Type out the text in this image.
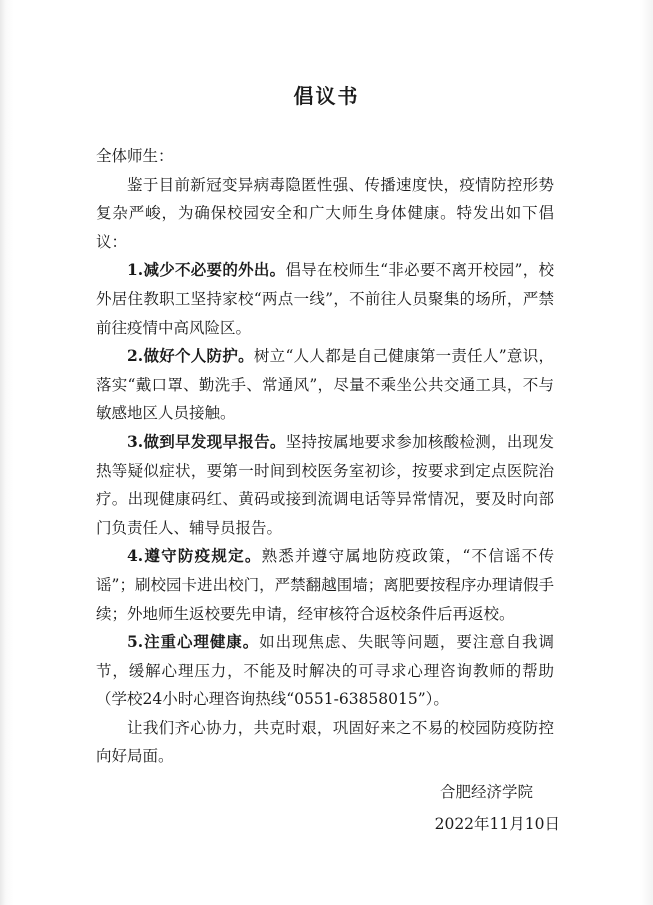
倡议书

全体师生：

鉴于目前新冠变异病毒隐匿性强、传播速度快，疫情防控形势复杂严峻，为确保校园安全和广大师生身体健康。特发出如下倡议：

1.减少不必要的外出。倡导在校师生“非必要不离开校园”，校外居住教职工坚持家校“两点一线”，不前往人员聚集的场所，严禁前往疫情中高风险区。

2.做好个人防护。树立“人人都是自己健康第一责任人”意识，落实“戴口罩、勤洗手、常通风”，尽量不乘坐公共交通工具，不与敏感地区人员接触。

3.做到早发现早报告。坚持按属地要求参加核酸检测，出现发热等疑似症状，要第一时间到校医务室初诊，按要求到定点医院治疗。出现健康码红、黄码或接到流调电话等异常情况，要及时向部门负责任人、辅导员报告。

4.遵守防疫规定。熟悉并遵守属地防疫政策，“不信谣不传谣”；刷校园卡进出校门，严禁翻越围墙；离肥要按程序办理请假手续；外地师生返校要先申请，经审核符合返校条件后再返校。

5.注重心理健康。如出现焦虑、失眠等问题，要注意自我调节，缓解心理压力，不能及时解决的可寻求心理咨询教师的帮助（学校24小时心理咨询热线“0551-63858015”）。

让我们齐心协力，共克时艰，巩固好来之不易的校园防疫防控向好局面。

合肥经济学院
2022年11月10日
